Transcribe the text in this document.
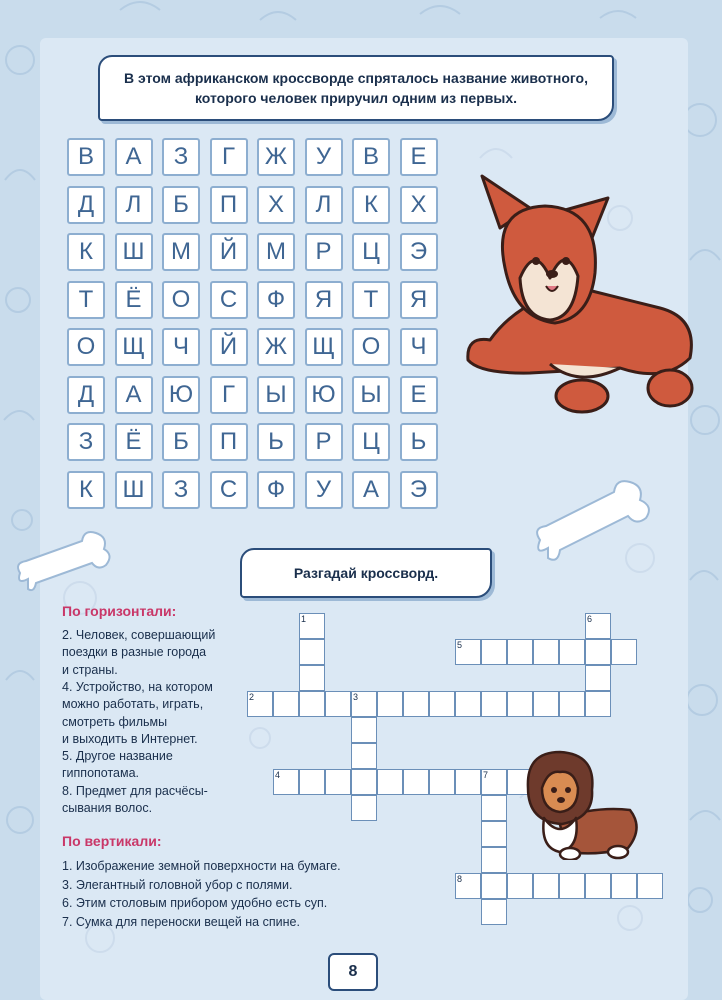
В этом африканском кроссворде спряталось название животного,
которого человек приручил одним из первых.
В	А	З	Г	Ж	У	В	Е
Д	Л	Б	П	Х	Л	К	Х
К	Ш	М	Й	М	Р	Ц	Э
Т	Ё	О	С	Ф	Я	Т	Я
О	Щ	Ч	Й	Ж	Щ	О	Ч
Д	А	Ю	Г	Ы	Ю	Ы	Е
З	Ё	Б	П	Ь	Р	Ц	Ь
К	Ш	З	С	Ф	У	А	Э
Разгадай кроссворд.
По горизонтали:
2. Человек, совершающий
поездки в разные города
и страны.
4. Устройство, на котором
можно работать, играть,
смотреть фильмы
и выходить в Интернет.
5. Другое название
гиппопотама.
8. Предмет для расчёсы-
сывания волос.
По вертикали:
1. Изображение земной поверхности на бумаге.
3. Элегантный головной убор с полями.
6. Этим столовым прибором удобно есть суп.
7. Сумка для переноски вещей на спине.
1
2	3
4
5
6
7
8
8
